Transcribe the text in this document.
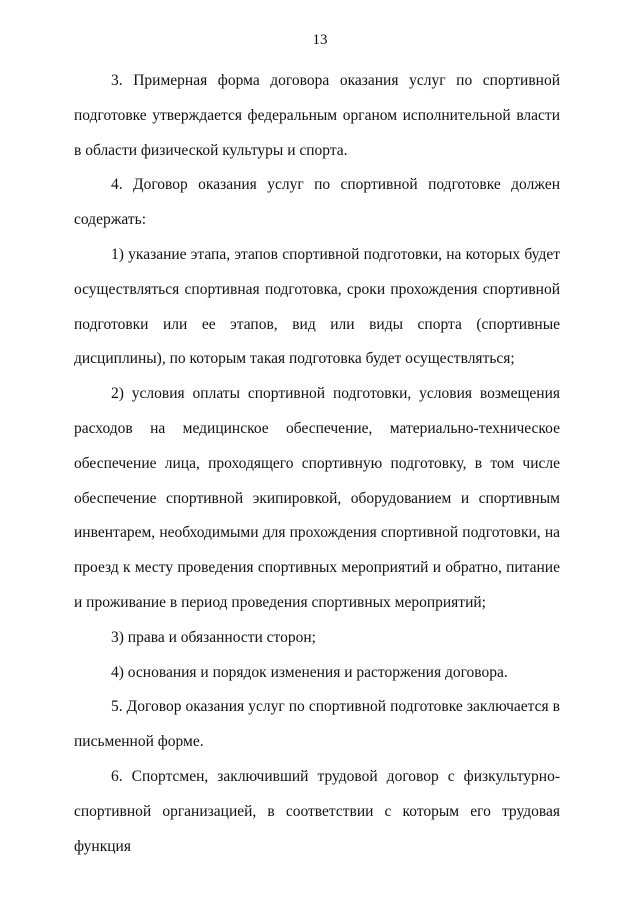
13

3. Примерная форма договора оказания услуг по спортивной подготовке утверждается федеральным органом исполнительной власти в области физической культуры и спорта.

4. Договор оказания услуг по спортивной подготовке должен содержать:

1) указание этапа, этапов спортивной подготовки, на которых будет осуществляться спортивная подготовка, сроки прохождения спортивной подготовки или ее этапов, вид или виды спорта (спортивные дисциплины), по которым такая подготовка будет осуществляться;

2) условия оплаты спортивной подготовки, условия возмещения расходов на медицинское обеспечение, материально-техническое обеспечение лица, проходящего спортивную подготовку, в том числе обеспечение спортивной экипировкой, оборудованием и спортивным инвентарем, необходимыми для прохождения спортивной подготовки, на проезд к месту проведения спортивных мероприятий и обратно, питание и проживание в период проведения спортивных мероприятий;

3) права и обязанности сторон;

4) основания и порядок изменения и расторжения договора.

5. Договор оказания услуг по спортивной подготовке заключается в письменной форме.

6. Спортсмен, заключивший трудовой договор с физкультурно-спортивной организацией, в соответствии с которым его трудовая функция
